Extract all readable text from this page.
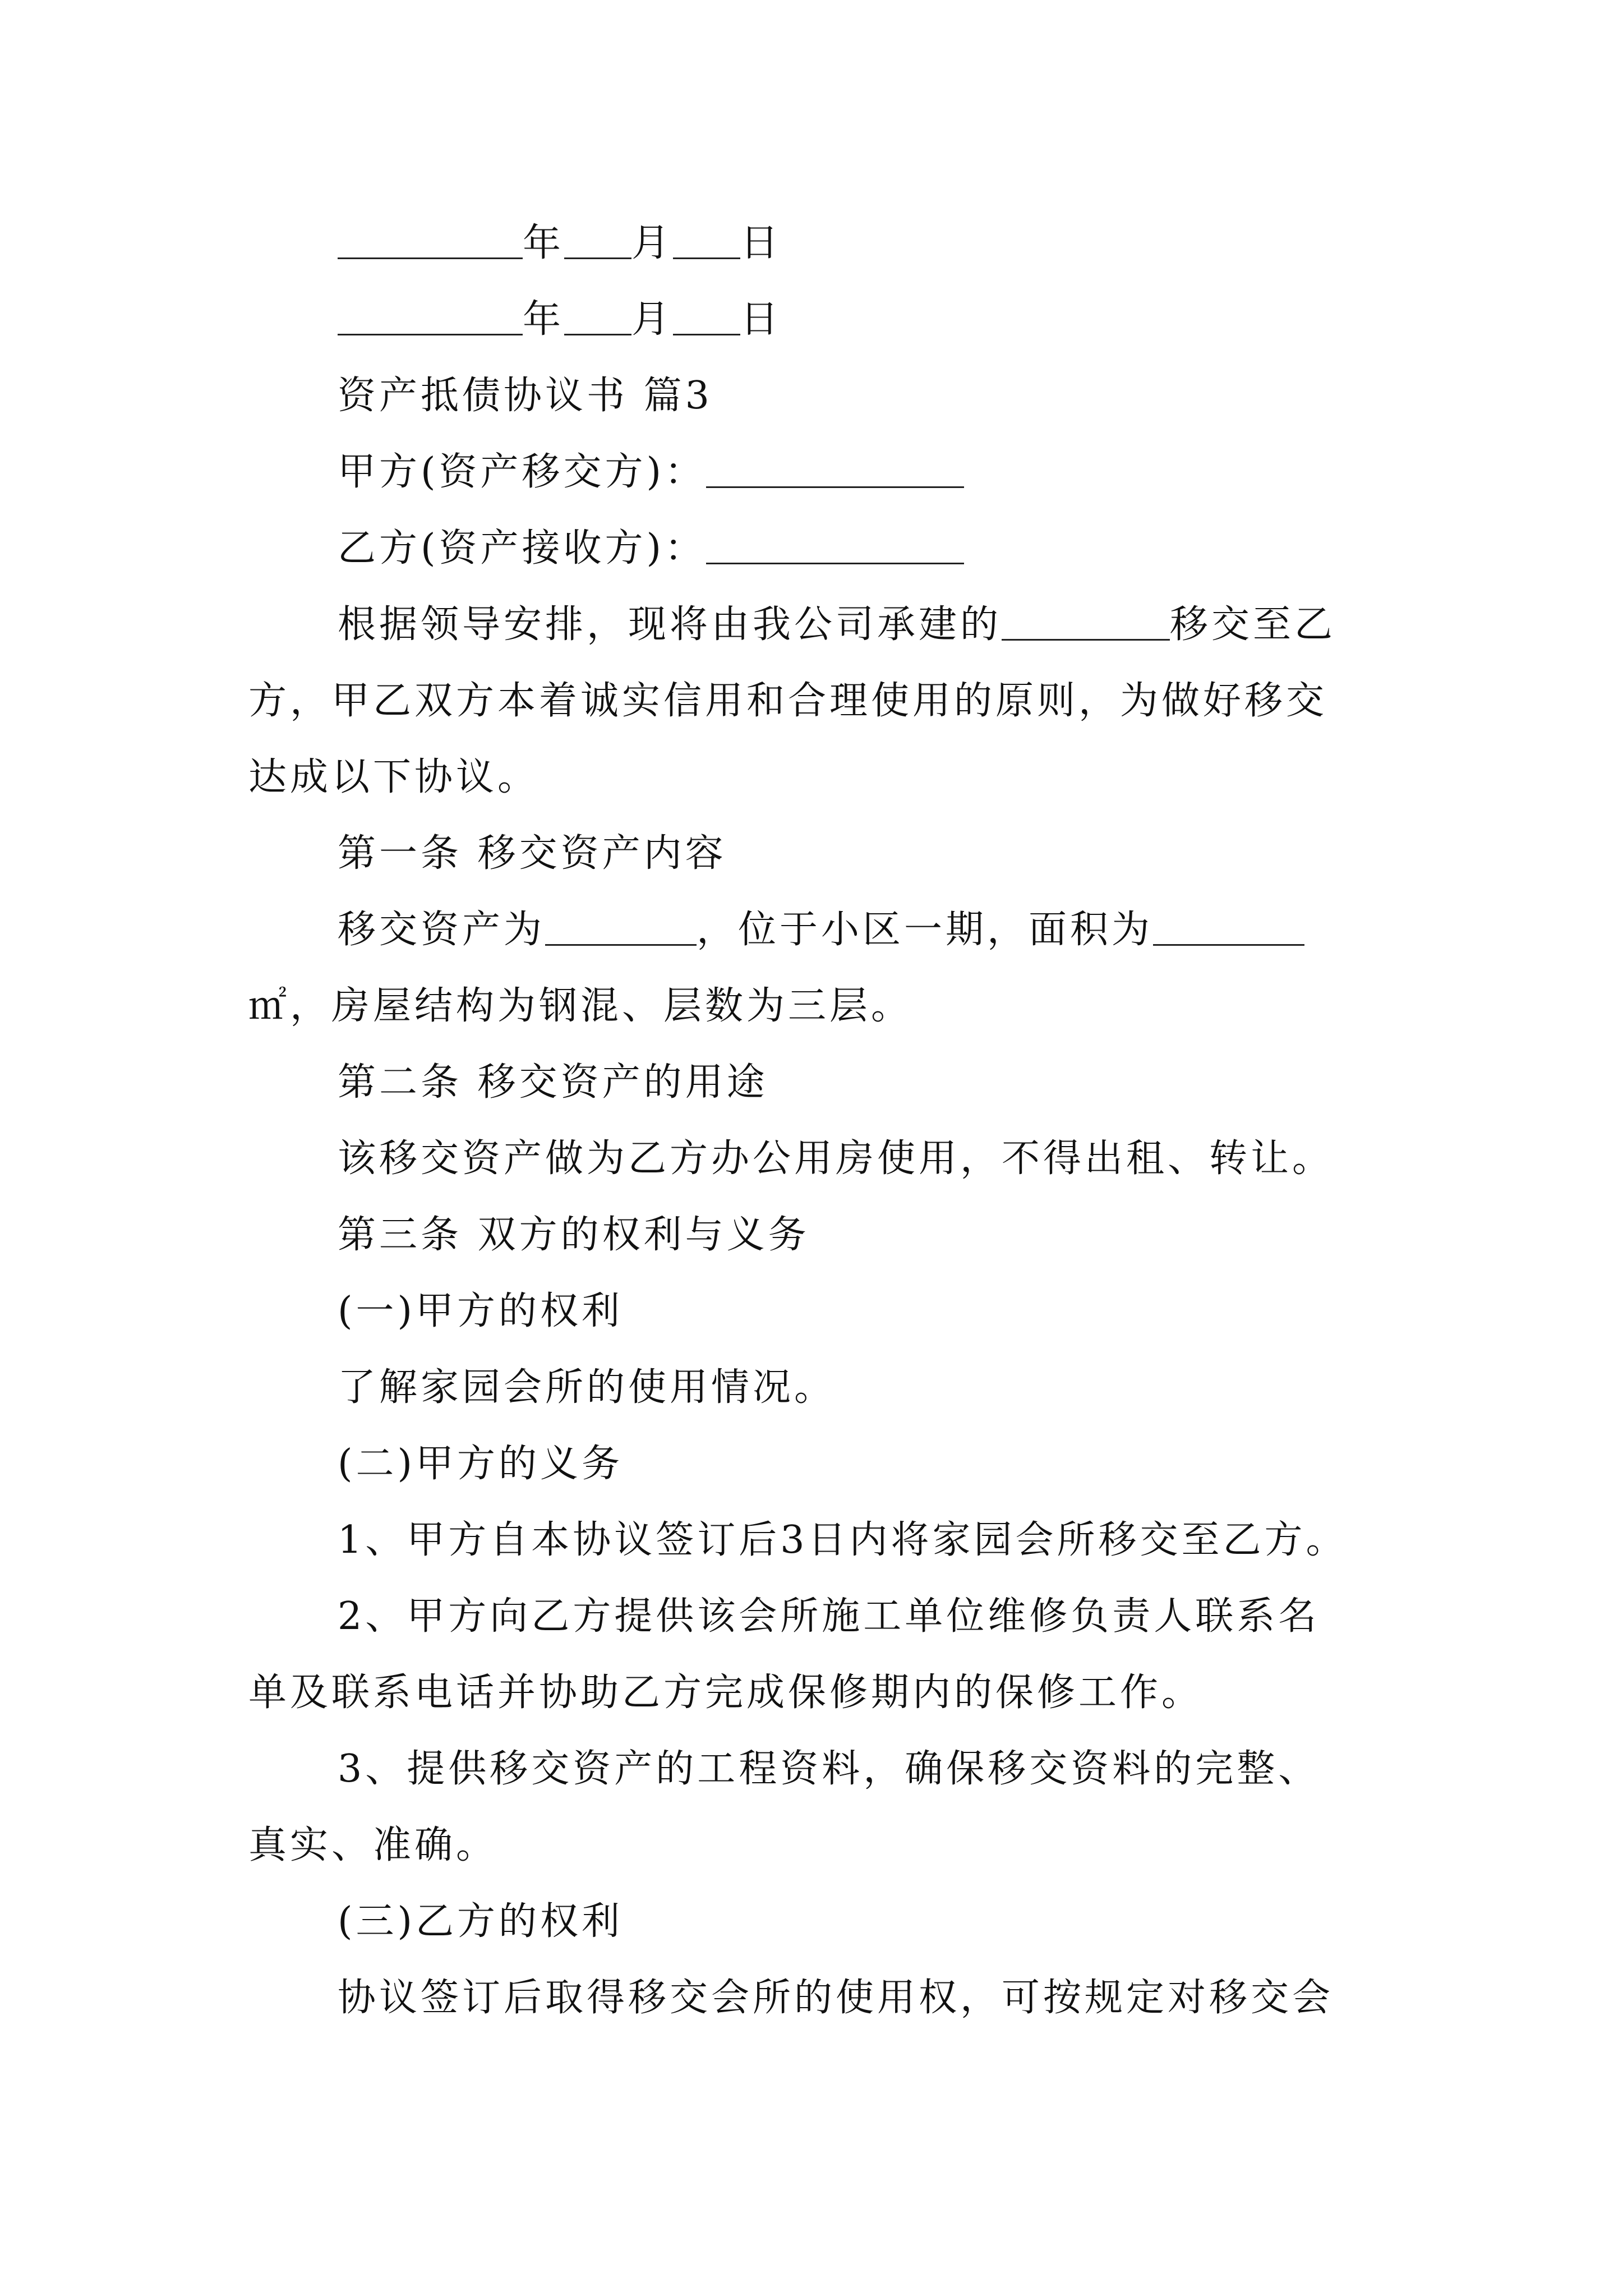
年 月 日
年 月 日
资产抵债协议书 篇3
甲方(资产移交方)：
乙方(资产接收方)：
根据领导安排，现将由我公司承建的	移交至乙
方，甲乙双方本着诚实信用和合理使用的原则，为做好移交
达成以下协议。
第一条 移交资产内容
移交资产为	，位于小区一期，面积为
㎡，房屋结构为钢混、层数为三层。
第二条 移交资产的用途
该移交资产做为乙方办公用房使用，不得出租、转让。
第三条 双方的权利与义务
(一)甲方的权利
了解家园会所的使用情况。
(二)甲方的义务
1、甲方自本协议签订后3日内将家园会所移交至乙方。
2、甲方向乙方提供该会所施工单位维修负责人联系名
单及联系电话并协助乙方完成保修期内的保修工作。
3、提供移交资产的工程资料，确保移交资料的完整、
真实、准确。
(三)乙方的权利
协议签订后取得移交会所的使用权，可按规定对移交会
